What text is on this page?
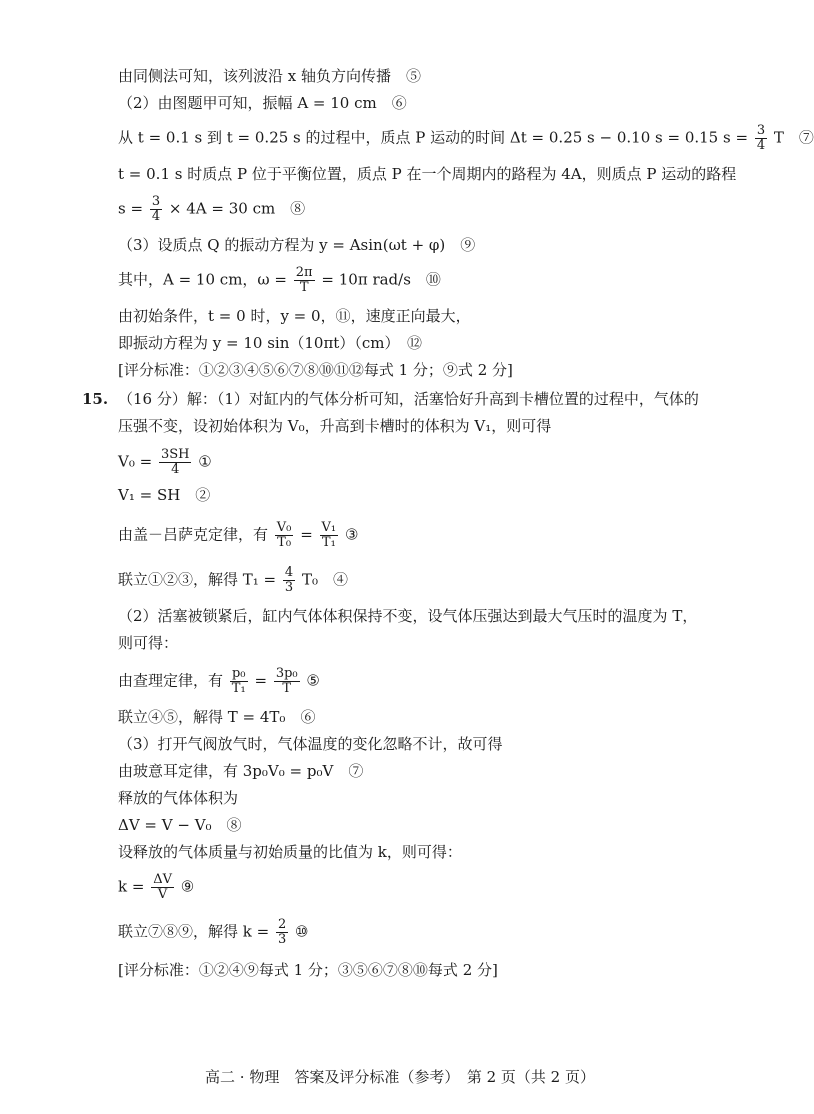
由同侧法可知，该列波沿 x 轴负方向传播　⑤
（2）由图题甲可知，振幅 A = 10 cm　⑥
从 t = 0.1 s 到 t = 0.25 s 的过程中，质点 P 运动的时间 Δt = 0.25 s − 0.10 s = 0.15 $s = \frac{3}{4}$ T　⑦
t = 0.1 s 时质点 P 位于平衡位置，质点 P 在一个周期内的路程为 4A，则质点 P 运动的路程
$s = \frac{3}{4} \times 4A = 30$ cm　⑧
（3）设质点 Q 的振动方程为 y = Asin(ωt + φ)　⑨
其中，A = 10 cm，$\omega = \frac{2\pi}{T} = 10\pi$ rad/s　⑩
由初始条件，t = 0 时，y = 0，⑪，速度正向最大，
即振动方程为 y = 10 sin（10πt）（cm）　⑫
[评分标准：①②③④⑤⑥⑦⑧⑩⑪⑫每式 1 分；⑨式 2 分]
15. （16 分）解：（1）对缸内的气体分析可知，活塞恰好升高到卡槽位置的过程中，气体的
压强不变，设初始体积为 V₀，升高到卡槽时的体积为 V₁，则可得
$V_0 = \frac{3SH}{4}$ ①
V₁ = SH　②
由盖－吕萨克定律，有 $\frac{\text{V₀}}{\text{T₀}} = \frac{\text{V₁}}{\text{T₁}}$ ③
联立①②③，解得 $T_1 = \frac{4}{3} T_0$　④
（2）活塞被锁紧后，缸内气体体积保持不变，设气体压强达到最大气压时的温度为 T，
则可得：
由查理定律，有 $\frac{\text{p₀}}{\text{T₁}} = \frac{\text{3p₀}}{T}$ ⑤
联立④⑤，解得 T = 4T₀　⑥
（3）打开气阀放气时，气体温度的变化忽略不计，故可得
由玻意耳定律，有 3p₀V₀ = p₀V　⑦
释放的气体体积为
ΔV = V − V₀　⑧
设释放的气体质量与初始质量的比值为 k，则可得：
$k = \frac{\Delta V}{V}$ ⑨
联立⑦⑧⑨，解得 $k = \frac{2}{3}$ ⑩
[评分标准：①②④⑨每式 1 分；③⑤⑥⑦⑧⑩每式 2 分]
高二 · 物理　答案及评分标准（参考）　第 2 页（共 2 页）
